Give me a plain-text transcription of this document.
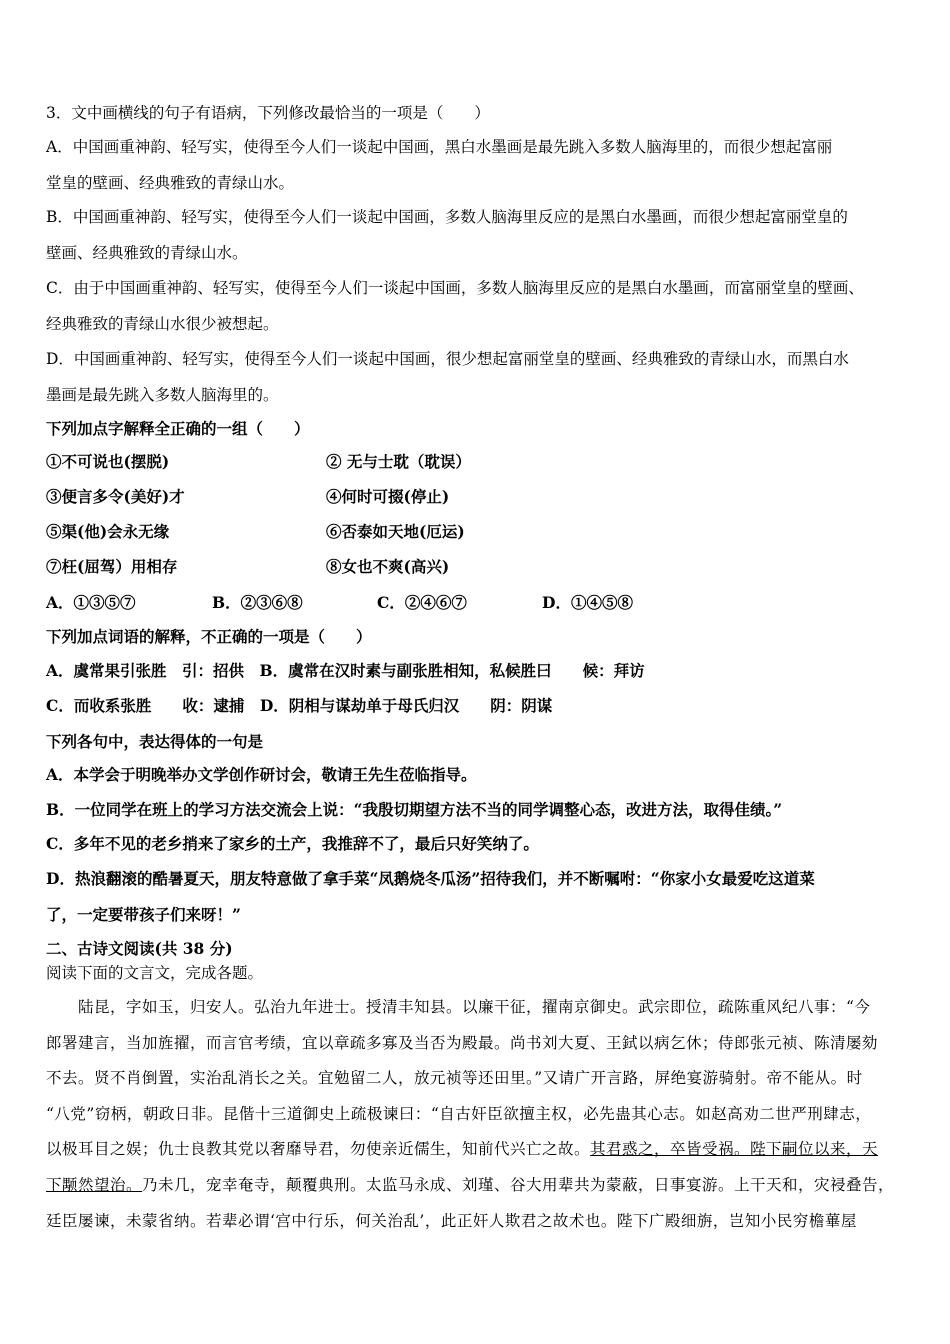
3．文中画横线的句子有语病，下列修改最恰当的一项是（　　）
A．中国画重神韵、轻写实，使得至今人们一谈起中国画，黑白水墨画是最先跳入多数人脑海里的，而很少想起富丽
堂皇的壁画、经典雅致的青绿山水。
B．中国画重神韵、轻写实，使得至今人们一谈起中国画，多数人脑海里反应的是黑白水墨画，而很少想起富丽堂皇的
壁画、经典雅致的青绿山水。
C．由于中国画重神韵、轻写实，使得至今人们一谈起中国画，多数人脑海里反应的是黑白水墨画，而富丽堂皇的壁画、
经典雅致的青绿山水很少被想起。
D．中国画重神韵、轻写实，使得至今人们一谈起中国画，很少想起富丽堂皇的壁画、经典雅致的青绿山水，而黑白水
墨画是最先跳入多数人脑海里的。
下列加点字解释全正确的一组（　　）
①不可说也(摆脱)	② 无与士耽（耽误）
③便言多令(美好)才	④何时可掇(停止)
⑤渠(他)会永无缘	⑥否泰如天地(厄运)
⑦枉(屈驾）用相存	⑧女也不爽(高兴)
A．①③⑤⑦	B．②③⑥⑧	C．②④⑥⑦	D．①④⑤⑧
下列加点词语的解释，不正确的一项是（　　）
A．虞常果引张胜　引：招供　B．虞常在汉时素与副张胜相知，私候胜曰　　候：拜访
C．而收系张胜　　收：逮捕　D．阴相与谋劫单于母氏归汉　　阴：阴谋
下列各句中，表达得体的一句是
A．本学会于明晚举办文学创作研讨会，敬请王先生莅临指导。
B．一位同学在班上的学习方法交流会上说：“我殷切期望方法不当的同学调整心态，改进方法，取得佳绩。”
C．多年不见的老乡捎来了家乡的土产，我推辞不了，最后只好笑纳了。
D．热浪翻滚的酷暑夏天，朋友特意做了拿手菜“凤鹅烧冬瓜汤”招待我们，并不断嘱咐：“你家小女最爱吃这道菜
了，一定要带孩子们来呀！”
二、古诗文阅读(共 38 分)
阅读下面的文言文，完成各题。
陆昆，字如玉，归安人。弘治九年进士。授清丰知县。以廉干征，擢南京御史。武宗即位，疏陈重风纪八事：“今
郎署建言，当加旌擢，而言官考绩，宜以章疏多寡及当否为殿最。尚书刘大夏、王鉽以病乞休；侍郎张元祯、陈清屡劾
不去。贤不肖倒置，实治乱消长之关。宜勉留二人，放元祯等还田里。”又请广开言路，屏绝宴游骑射。帝不能从。时
“八党”窃柄，朝政日非。昆偕十三道御史上疏极谏曰：“自古奸臣欲擅主权，必先蛊其心志。如赵高劝二世严刑肆志，
以极耳目之娱；仇士良教其党以奢靡导君，勿使亲近儒生，知前代兴亡之故。其君惑之，卒皆受祸。陛下嗣位以来，天
下颙然望治。乃未几，宠幸奄寺，颠覆典刑。太监马永成、刘瑾、谷大用辈共为蒙蔽，日事宴游。上干天和，灾祲叠告，
廷臣屡谏，未蒙省纳。若辈必谓‘宫中行乐，何关治乱’，此正奸人欺君之故术也。陛下广殿细旃，岂知小民穷檐蓽屋
